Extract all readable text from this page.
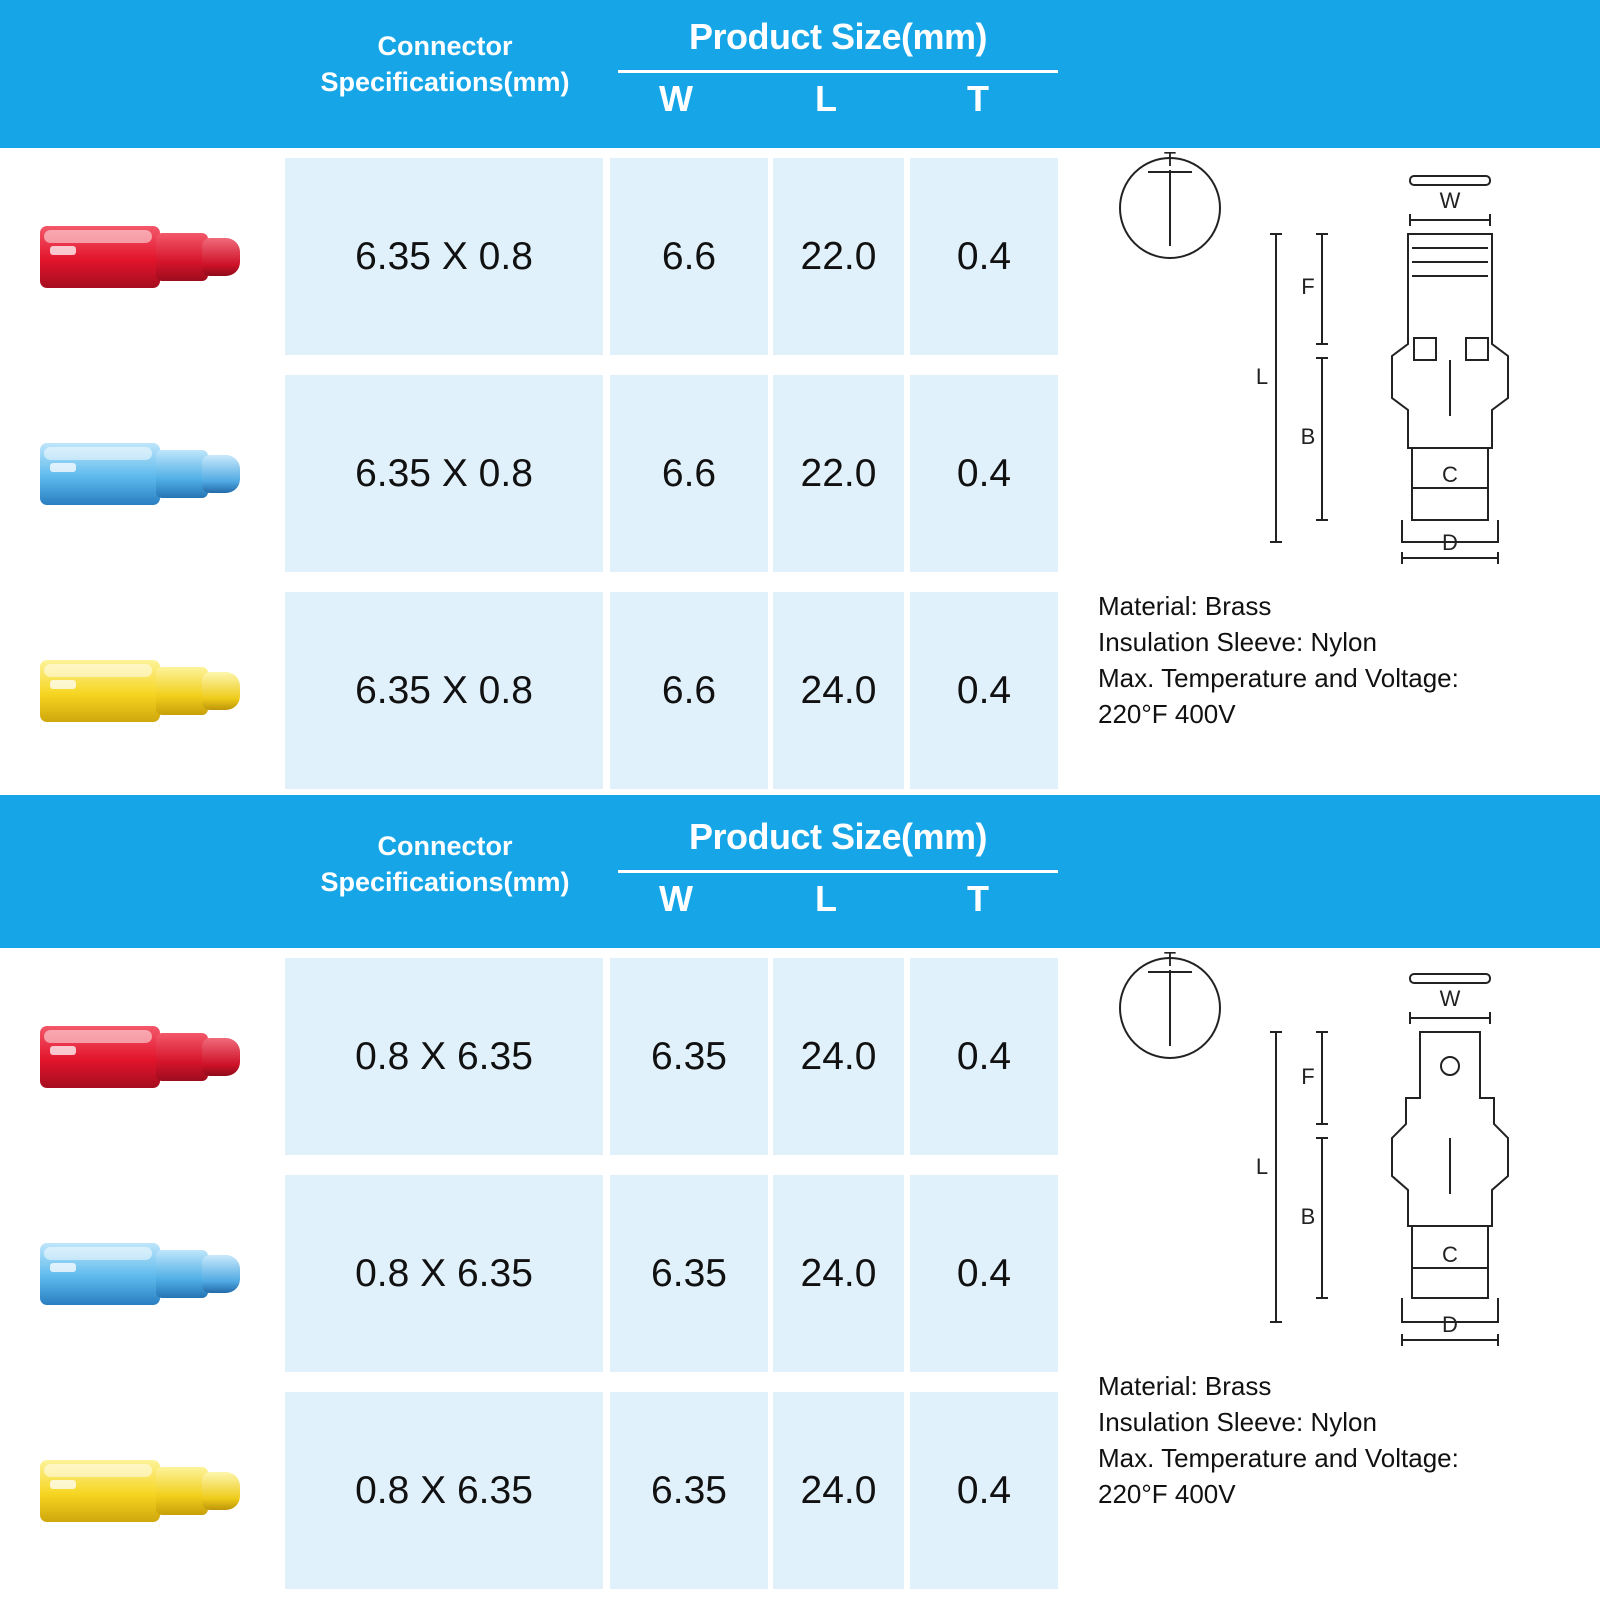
Connector
Specifications(mm)
Product Size(mm)
W	L	T
6.35 X 0.8	6.6	22.0	0.4
6.35 X 0.8	6.6	22.0	0.4
6.35 X 0.8	6.6	24.0	0.4
T
W
F
B
L
C
D
Material: Brass
Insulation Sleeve: Nylon
Max. Temperature and Voltage:
220°F 400V
Connector
Specifications(mm)
Product Size(mm)
W	L	T
0.8 X 6.35	6.35	24.0	0.4
0.8 X 6.35	6.35	24.0	0.4
0.8 X 6.35	6.35	24.0	0.4
T
W
F
B
L
C
D
Material: Brass
Insulation Sleeve: Nylon
Max. Temperature and Voltage:
220°F 400V
